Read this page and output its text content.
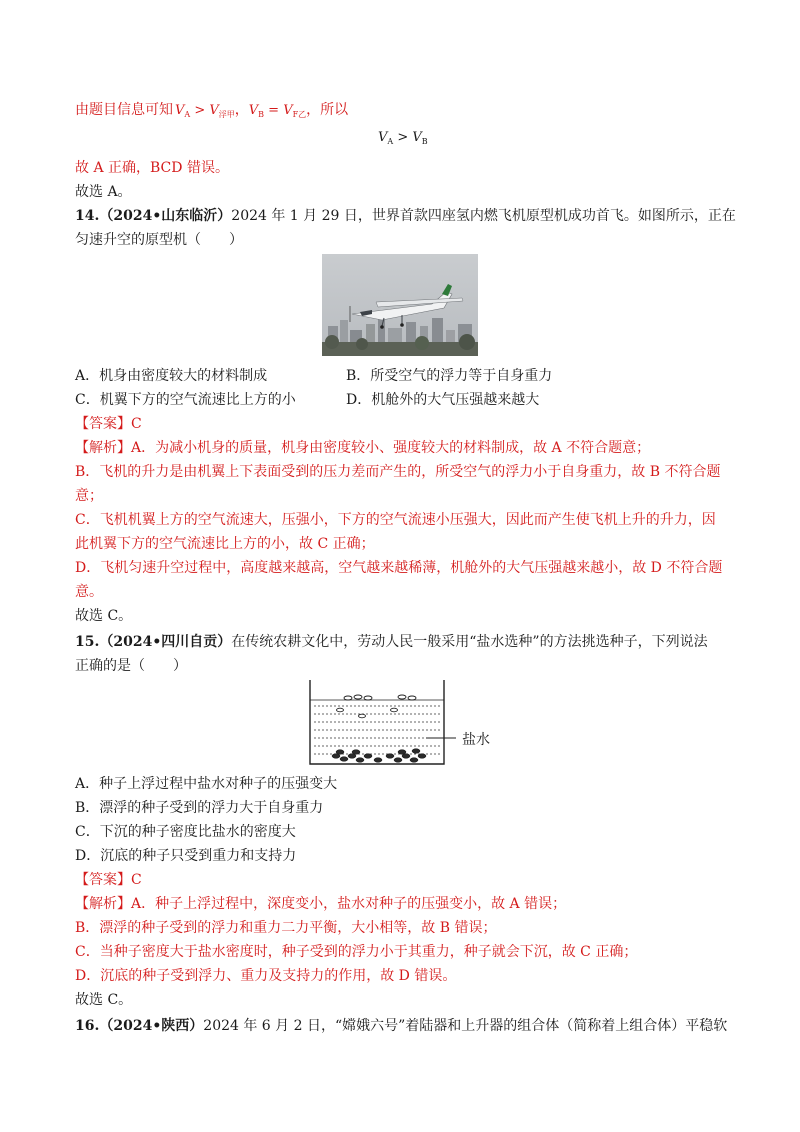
由题目信息可知 $V_A > V_{浮甲}$，$V_B = V_{F乙}$，所以
$V_A > V_B$
故 A 正确，BCD 错误。
故选 A。
14.（2024•山东临沂）2024 年 1 月 29 日，世界首款四座氢内燃飞机原型机成功首飞。如图所示，正在
匀速升空的原型机（　　）
A．机身由密度较大的材料制成	B．所受空气的浮力等于自身重力
C．机翼下方的空气流速比上方的小	D．机舱外的大气压强越来越大
【答案】C
【解析】A．为减小机身的质量，机身由密度较小、强度较大的材料制成，故 A 不符合题意；
B．飞机的升力是由机翼上下表面受到的压力差而产生的，所受空气的浮力小于自身重力，故 B 不符合题
意；
C．飞机机翼上方的空气流速大，压强小，下方的空气流速小压强大，因此而产生使飞机上升的升力，因
此机翼下方的空气流速比上方的小，故 C 正确；
D．飞机匀速升空过程中，高度越来越高，空气越来越稀薄，机舱外的大气压强越来越小，故 D 不符合题
意。
故选 C。
15.（2024•四川自贡）在传统农耕文化中，劳动人民一般采用“盐水选种”的方法挑选种子，下列说法
正确的是（　　）
盐水
A．种子上浮过程中盐水对种子的压强变大
B．漂浮的种子受到的浮力大于自身重力
C．下沉的种子密度比盐水的密度大
D．沉底的种子只受到重力和支持力
【答案】C
【解析】A．种子上浮过程中，深度变小，盐水对种子的压强变小，故 A 错误；
B．漂浮的种子受到的浮力和重力二力平衡，大小相等，故 B 错误；
C．当种子密度大于盐水密度时，种子受到的浮力小于其重力，种子就会下沉，故 C 正确；
D．沉底的种子受到浮力、重力及支持力的作用，故 D 错误。
故选 C。
16.（2024•陕西）2024 年 6 月 2 日，“嫦娥六号”着陆器和上升器的组合体（简称着上组合体）平稳软
